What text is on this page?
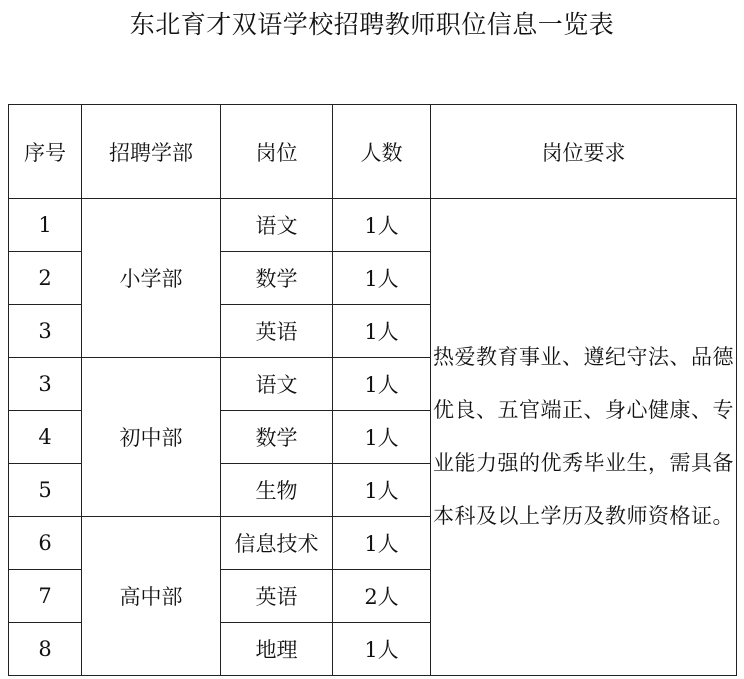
东北育才双语学校招聘教师职位信息一览表
序号	招聘学部	岗位	人数	岗位要求
1	小学部	语文	1人	热爱教育事业、遵纪守法、品德优良、五官端正、身心健康、专业能力强的优秀毕业生，需具备本科及以上学历及教师资格证。
2		数学	1人	
3		英语	1人	
3	初中部	语文	1人	
4		数学	1人	
5		生物	1人	
6	高中部	信息技术	1人	
7		英语	2人	
8		地理	1人	
